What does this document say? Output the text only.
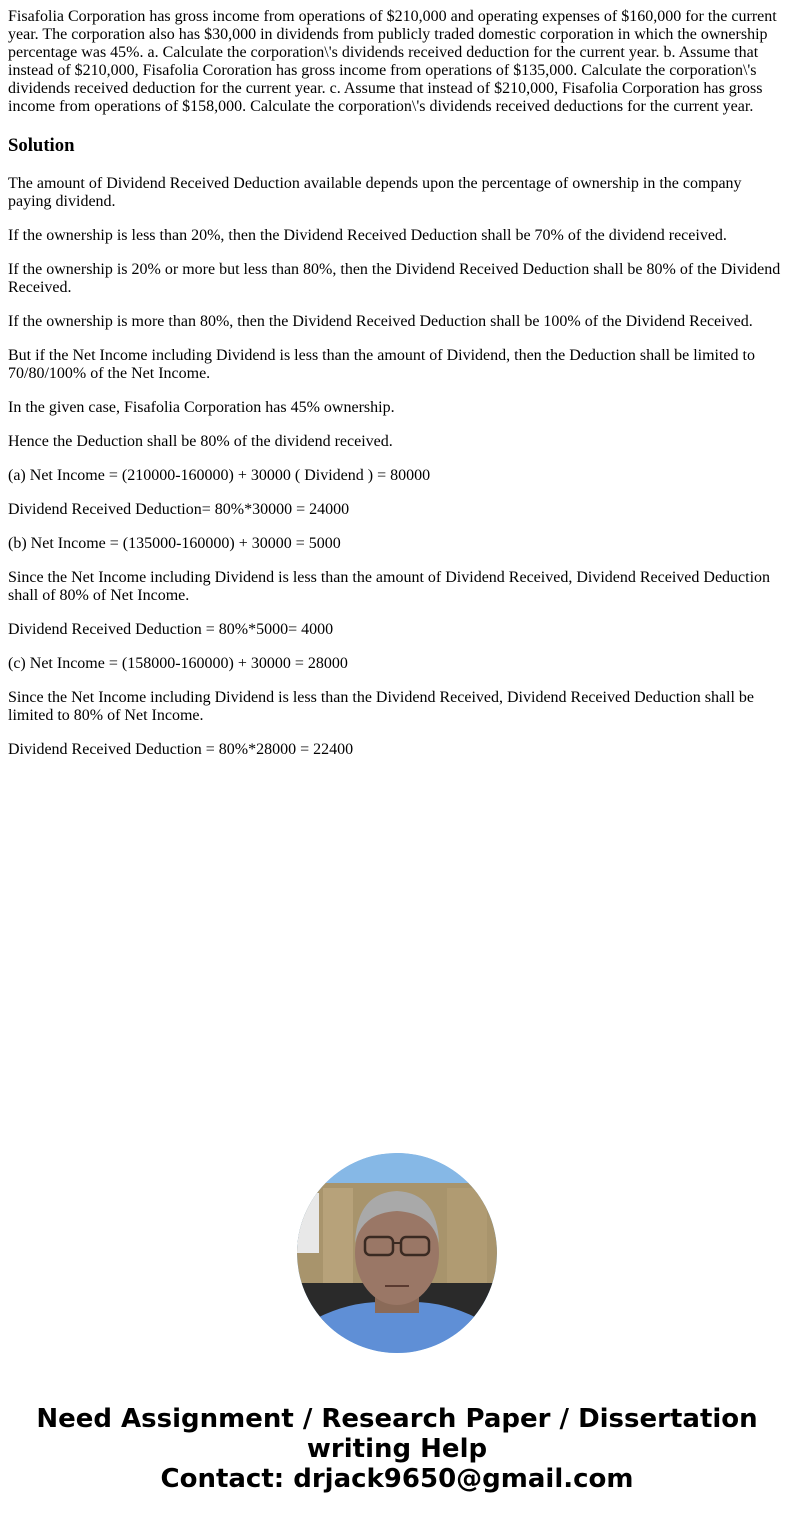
Fisafolia Corporation has gross income from operations of $210,000 and operating expenses of $160,000 for the current year. The corporation also has $30,000 in dividends from publicly traded domestic corporation in which the ownership percentage was 45%. a. Calculate the corporation\'s dividends received deduction for the current year. b. Assume that instead of $210,000, Fisafolia Cororation has gross income from operations of $135,000. Calculate the corporation\'s dividends received deduction for the current year. c. Assume that instead of $210,000, Fisafolia Corporation has gross income from operations of $158,000. Calculate the corporation\'s dividends received deductions for the current year.
Solution

The amount of Dividend Received Deduction available depends upon the percentage of ownership in the company paying dividend.

If the ownership is less than 20%, then the Dividend Received Deduction shall be 70% of the dividend received.

If the ownership is 20% or more but less than 80%, then the Dividend Received Deduction shall be 80% of the Dividend Received.

If the ownership is more than 80%, then the Dividend Received Deduction shall be 100% of the Dividend Received.

But if the Net Income including Dividend is less than the amount of Dividend, then the Deduction shall be limited to 70/80/100% of the Net Income.

In the given case, Fisafolia Corporation has 45% ownership.

Hence the Deduction shall be 80% of the dividend received.

(a) Net Income = (210000-160000) + 30000 ( Dividend ) = 80000

Dividend Received Deduction= 80%*30000 = 24000

(b) Net Income = (135000-160000) + 30000 = 5000

Since the Net Income including Dividend is less than the amount of Dividend Received, Dividend Received Deduction shall of 80% of Net Income.

Dividend Received Deduction = 80%*5000= 4000

(c) Net Income = (158000-160000) + 30000 = 28000

Since the Net Income including Dividend is less than the Dividend Received, Dividend Received Deduction shall be limited to 80% of Net Income.

Dividend Received Deduction = 80%*28000 = 22400

Need Assignment / Research Paper / Dissertation writing Help
Contact: drjack9650@gmail.com
